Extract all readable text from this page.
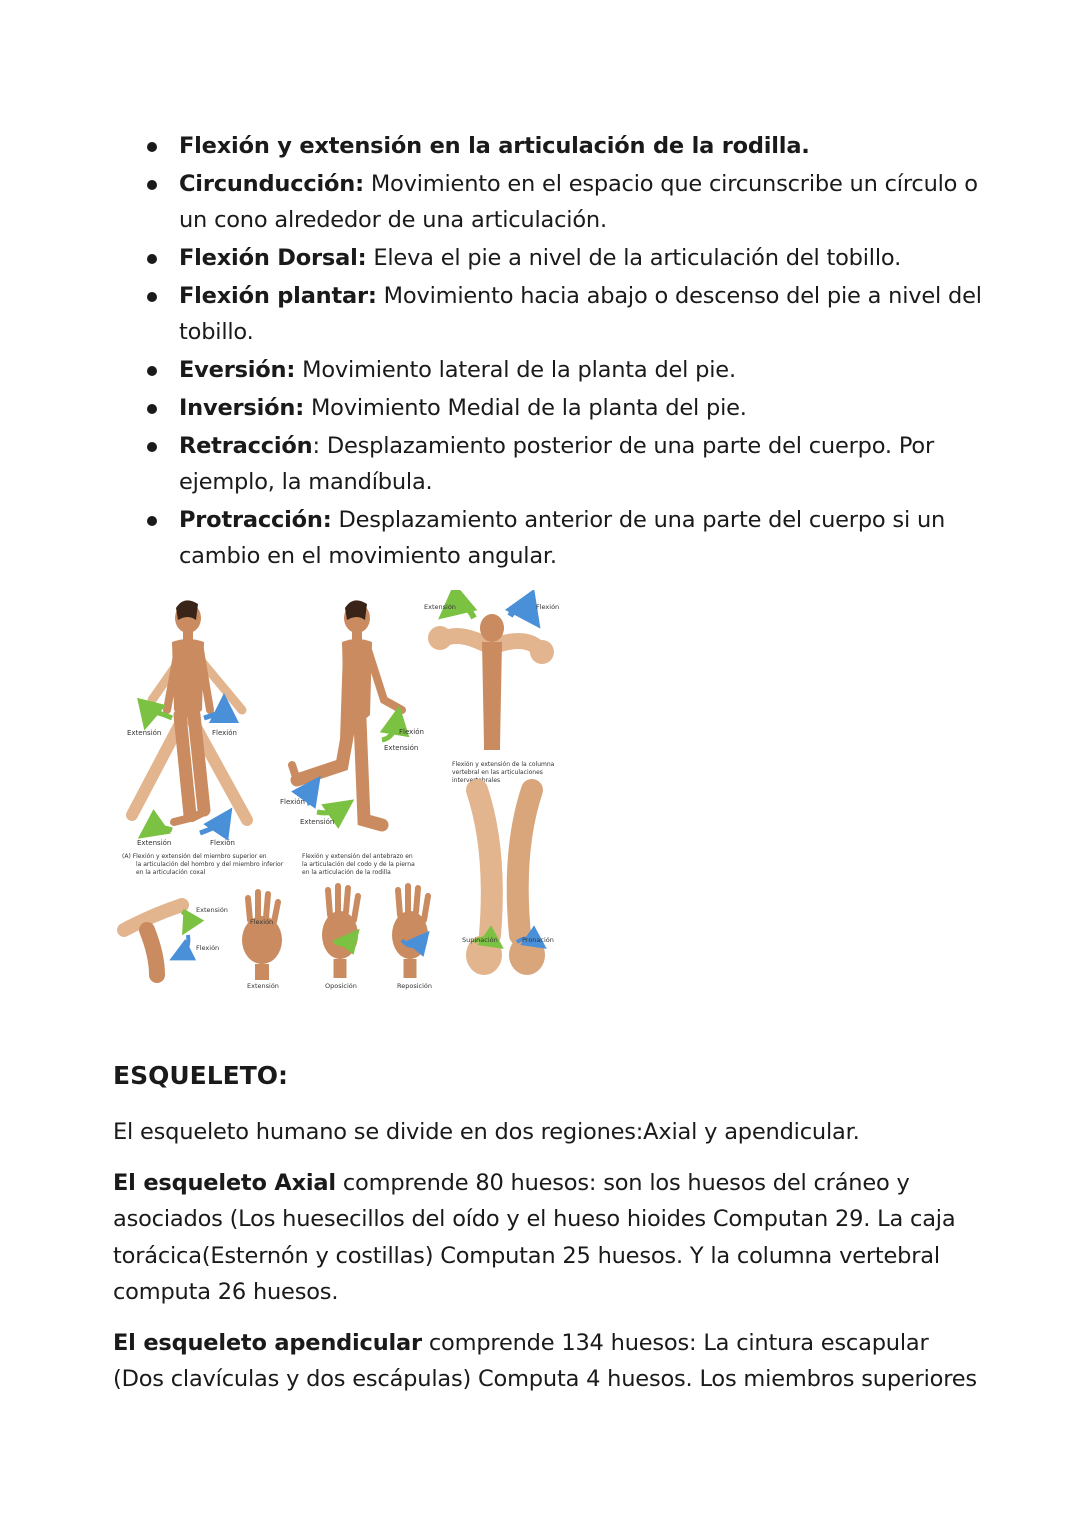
Flexión y extensión en la articulación de la rodilla.
Circunducción: Movimiento en el espacio que circunscribe un círculo o un cono alrededor de una articulación.
Flexión Dorsal: Eleva el pie a nivel de la articulación del tobillo.
Flexión plantar: Movimiento hacia abajo o descenso del pie a nivel del tobillo.
Eversión: Movimiento lateral de la planta del pie.
Inversión: Movimiento Medial de la planta del pie.
Retracción: Desplazamiento posterior de una parte del cuerpo. Por ejemplo, la mandíbula.
Protracción: Desplazamiento anterior de una parte del cuerpo si un cambio en el movimiento angular.
Extensión	Flexión
Extensión	Flexión
(A) Flexión y extensión del miembro superior en
la articulación del hombro y del miembro inferior
en la articulación coxal
Flexión
Extensión
Flexión
Extensión
Flexión y extensión del antebrazo en
la articulación del codo y de la pierna
en la articulación de la rodilla
Extensión	Flexión
Flexión y extensión de la columna
vertebral en las articulaciones
intervertebrales
Supinación	Pronación
Extensión
Flexión
Flexión
Extensión	Oposición	Reposición
ESQUELETO:

El esqueleto humano se divide en dos regiones:Axial y apendicular.

El esqueleto Axial comprende 80 huesos: son los huesos del cráneo y asociados (Los huesecillos del oído y el hueso hioides Computan 29. La caja torácica(Esternón y costillas) Computan 25 huesos. Y la columna vertebral computa 26 huesos.

El esqueleto apendicular comprende 134 huesos: La cintura escapular (Dos clavículas y dos escápulas) Computa 4 huesos. Los miembros superiores
